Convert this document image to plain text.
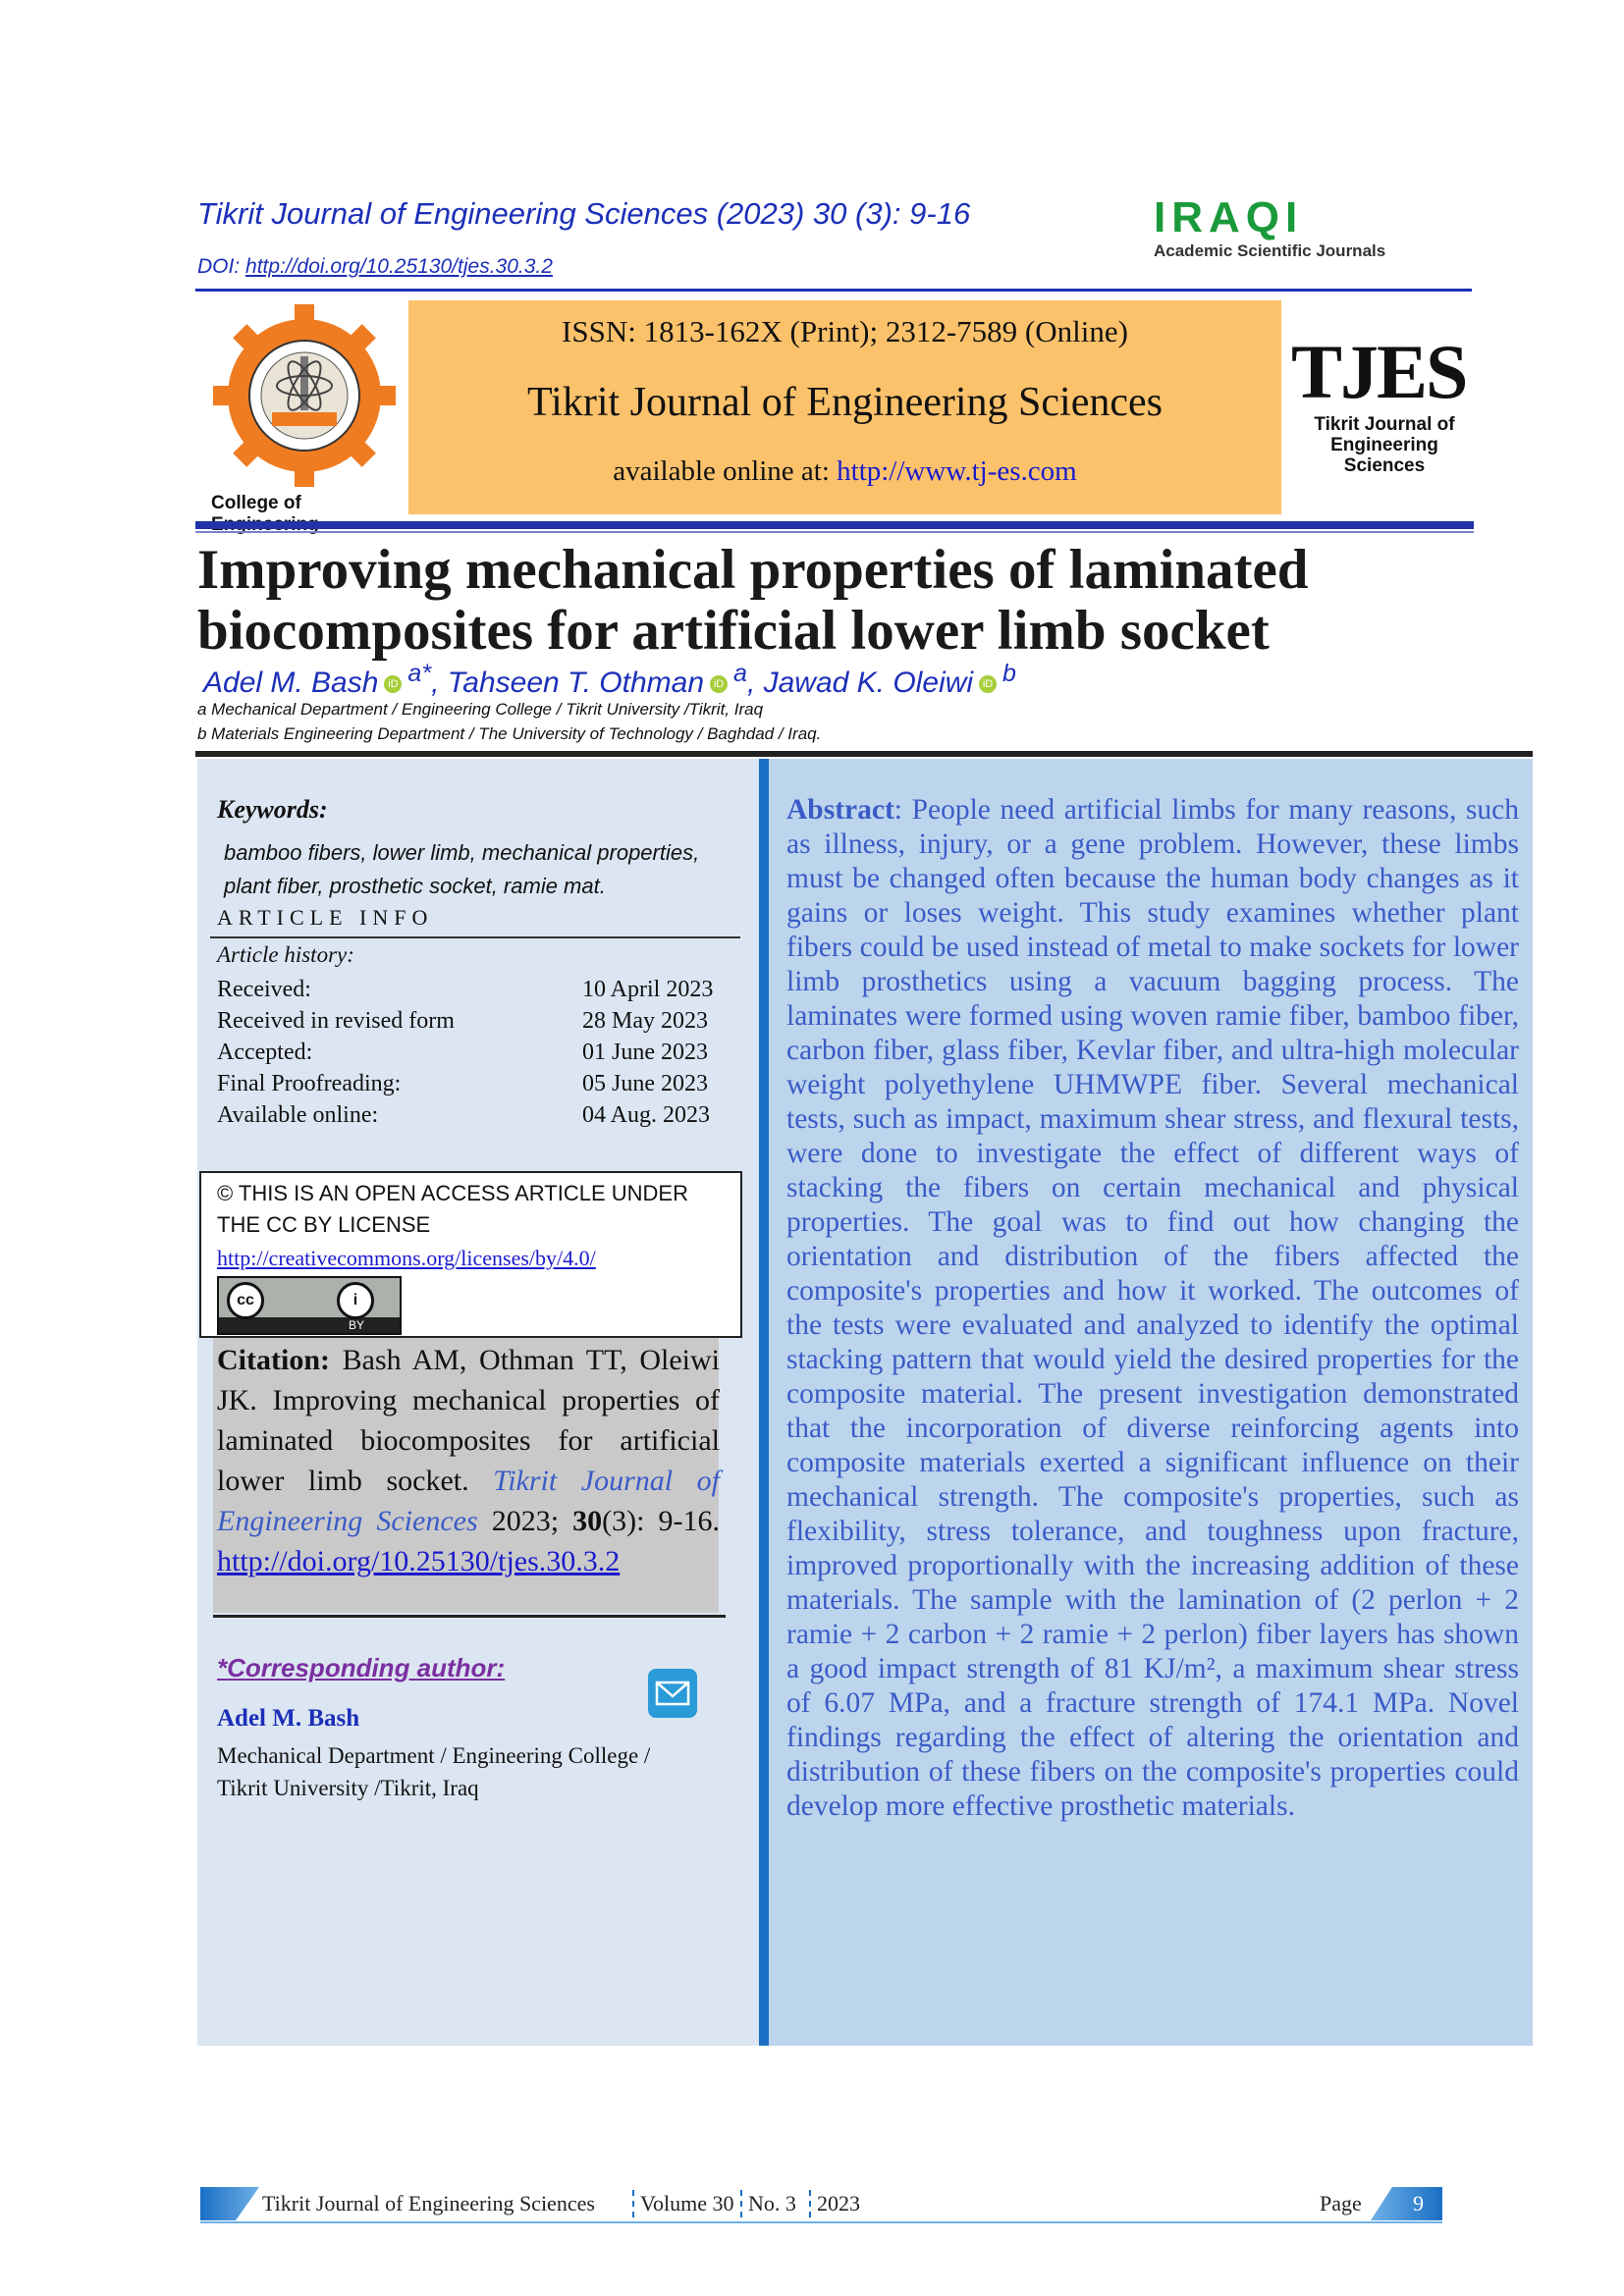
Tikrit Journal of Engineering Sciences (2023) 30 (3): 9-16
DOI: http://doi.org/10.25130/tjes.30.3.2
IRAQI
Academic Scientific Journals
College of
ISSN: 1813-162X (Print); 2312-7589 (Online)
Tikrit Journal of Engineering Sciences
available online at: http://www.tj-es.com
TJES
Tikrit Journal of
Engineering Sciences
Improving mechanical properties of laminated
biocomposites for artificial lower limb socket
Adel M. Bash iD $^{a*}$, Tahseen T. Othman iD $^a$, Jawad K. Oleiwi iD $^b$
a Mechanical Department / Engineering College / Tikrit University /Tikrit, Iraq
b Materials Engineering Department / The University of Technology / Baghdad / Iraq.
Keywords:
bamboo fibers, lower limb, mechanical properties,
plant fiber, prosthetic socket, ramie mat.
ARTICLE INFO
Article history:
Received:	10 April 2023
Received in revised form	28 May 2023
Accepted:	01 June 2023
Final Proofreading:	05 June 2023
Available online:	04 Aug. 2023
© THIS IS AN OPEN ACCESS ARTICLE UNDER
THE CC BY LICENSE
http://creativecommons.org/licenses/by/4.0/
cc	i
BY
Citation: Bash AM, Othman TT, Oleiwi JK. Improving mechanical properties of laminated biocomposites for artificial lower limb socket. Tikrit Journal of Engineering Sciences 2023; 30(3): 9-16. http://doi.org/10.25130/tjes.30.3.2
*Corresponding author:
Adel M. Bash
Mechanical Department / Engineering College /
Tikrit University /Tikrit, Iraq
Abstract: People need artificial limbs for many reasons, such as illness, injury, or a gene problem. However, these limbs must be changed often because the human body changes as it gains or loses weight. This study examines whether plant fibers could be used instead of metal to make sockets for lower limb prosthetics using a vacuum bagging process. The laminates were formed using woven ramie fiber, bamboo fiber, carbon fiber, glass fiber, Kevlar fiber, and ultra-high molecular weight polyethylene UHMWPE fiber. Several mechanical tests, such as impact, maximum shear stress, and flexural tests, were done to investigate the effect of different ways of stacking the fibers on certain mechanical and physical properties. The goal was to find out how changing the orientation and distribution of the fibers affected the composite's properties and how it worked. The outcomes of the tests were evaluated and analyzed to identify the optimal stacking pattern that would yield the desired properties for the composite material. The present investigation demonstrated that the incorporation of diverse reinforcing agents into composite materials exerted a significant influence on their mechanical strength. The composite's properties, such as flexibility, stress tolerance, and toughness upon fracture, improved proportionally with the increasing addition of these materials. The sample with the lamination of (2 perlon + 2 ramie + 2 carbon + 2 ramie + 2 perlon) fiber layers has shown a good impact strength of 81 KJ/m², a maximum shear stress of 6.07 MPa, and a fracture strength of 174.1 MPa. Novel findings regarding the effect of altering the orientation and distribution of these fibers on the composite's properties could develop more effective prosthetic materials.
Tikrit Journal of Engineering Sciences Volume 30 No. 3 2023	Page 9
